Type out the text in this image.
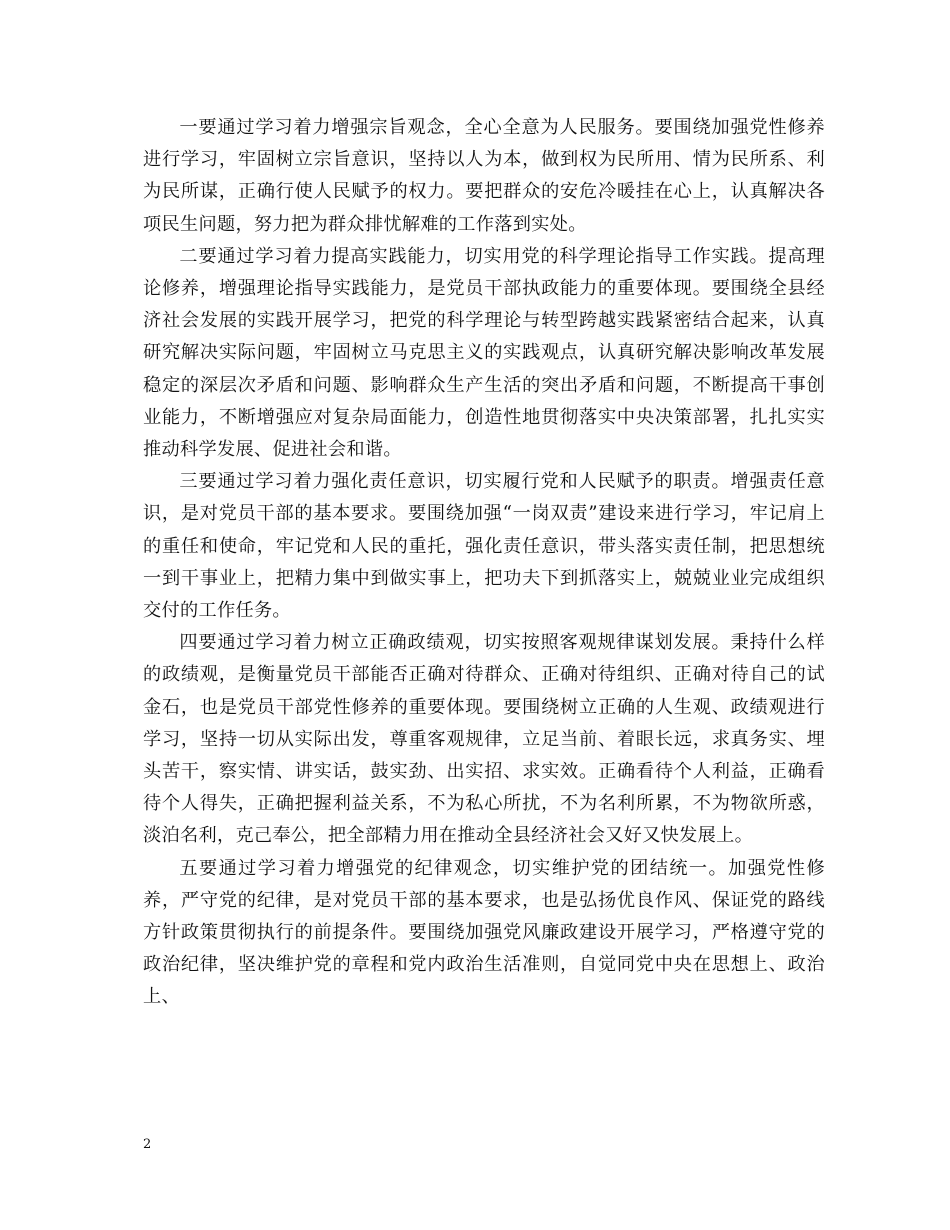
一要通过学习着力增强宗旨观念，全心全意为人民服务。要围绕加强党性修养进行学习，牢固树立宗旨意识，坚持以人为本，做到权为民所用、情为民所系、利为民所谋，正确行使人民赋予的权力。要把群众的安危冷暖挂在心上，认真解决各项民生问题，努力把为群众排忧解难的工作落到实处。

二要通过学习着力提高实践能力，切实用党的科学理论指导工作实践。提高理论修养，增强理论指导实践能力，是党员干部执政能力的重要体现。要围绕全县经济社会发展的实践开展学习，把党的科学理论与转型跨越实践紧密结合起来，认真研究解决实际问题，牢固树立马克思主义的实践观点，认真研究解决影响改革发展稳定的深层次矛盾和问题、影响群众生产生活的突出矛盾和问题，不断提高干事创业能力，不断增强应对复杂局面能力，创造性地贯彻落实中央决策部署，扎扎实实推动科学发展、促进社会和谐。

三要通过学习着力强化责任意识，切实履行党和人民赋予的职责。增强责任意识，是对党员干部的基本要求。要围绕加强“一岗双责”建设来进行学习，牢记肩上的重任和使命，牢记党和人民的重托，强化责任意识，带头落实责任制，把思想统一到干事业上，把精力集中到做实事上，把功夫下到抓落实上，兢兢业业完成组织交付的工作任务。

四要通过学习着力树立正确政绩观，切实按照客观规律谋划发展。秉持什么样的政绩观，是衡量党员干部能否正确对待群众、正确对待组织、正确对待自己的试金石，也是党员干部党性修养的重要体现。要围绕树立正确的人生观、政绩观进行学习，坚持一切从实际出发，尊重客观规律，立足当前、着眼长远，求真务实、埋头苦干，察实情、讲实话，鼓实劲、出实招、求实效。正确看待个人利益，正确看待个人得失，正确把握利益关系，不为私心所扰，不为名利所累，不为物欲所惑，淡泊名利，克己奉公，把全部精力用在推动全县经济社会又好又快发展上。

五要通过学习着力增强党的纪律观念，切实维护党的团结统一。加强党性修养，严守党的纪律，是对党员干部的基本要求，也是弘扬优良作风、保证党的路线方针政策贯彻执行的前提条件。要围绕加强党风廉政建设开展学习，严格遵守党的政治纪律，坚决维护党的章程和党内政治生活准则，自觉同党中央在思想上、政治上、

2
